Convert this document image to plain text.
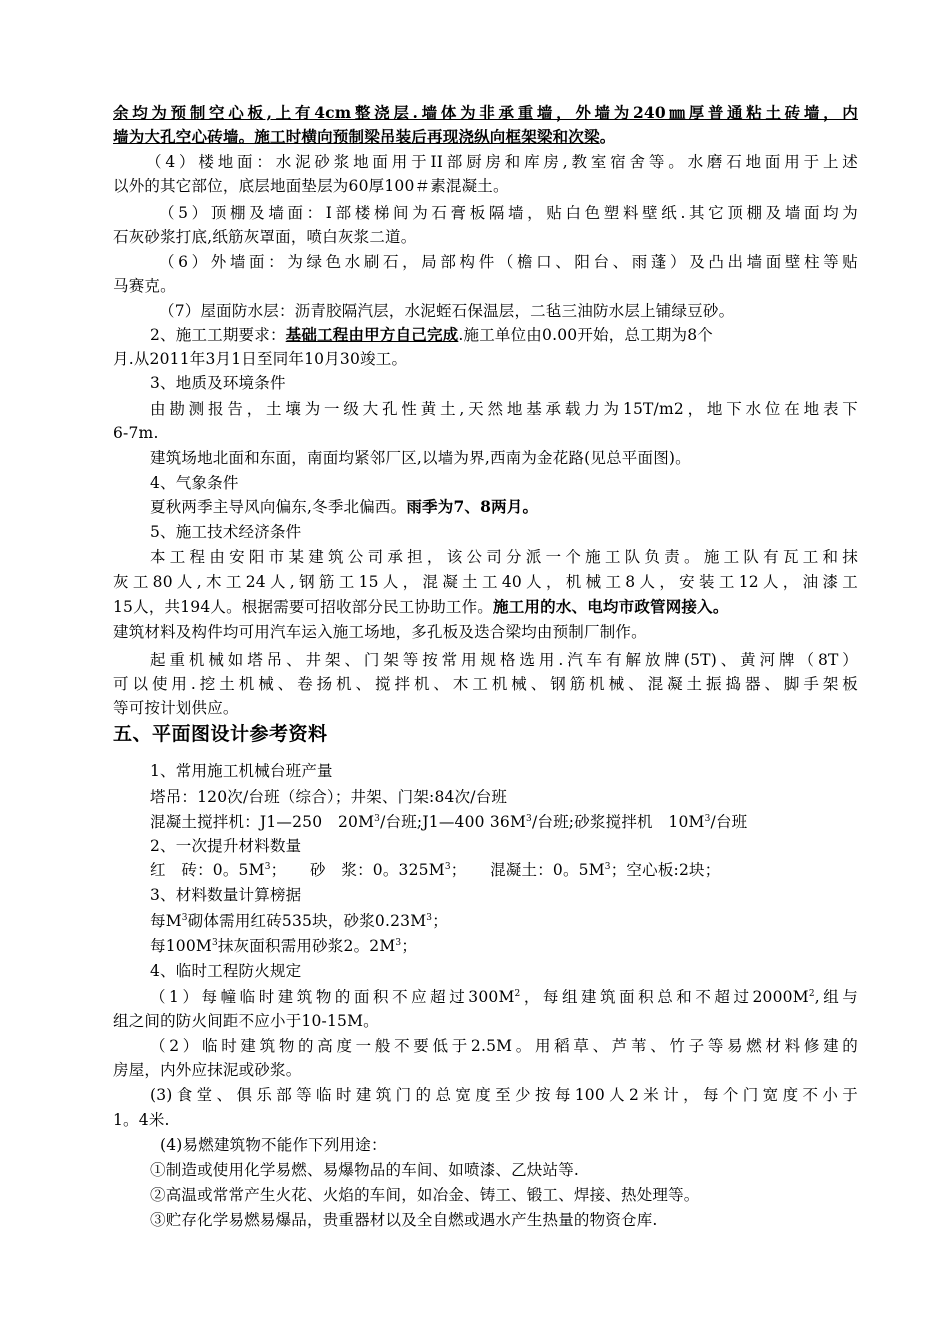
余均为预制空心板,上有4cm整浇层.墙体为非承重墙，外墙为240㎜厚普通粘土砖墙，内
墙为大孔空心砖墙。施工时横向预制梁吊装后再现浇纵向框架梁和次梁。
（4）楼地面：水泥砂浆地面用于II部厨房和库房,教室宿舍等。水磨石地面用于上述
以外的其它部位，底层地面垫层为60厚100＃素混凝土。
（5）顶棚及墙面：I部楼梯间为石膏板隔墙，贴白色塑料壁纸.其它顶棚及墙面均为
石灰砂浆打底,纸筋灰罩面，喷白灰浆二道。
（6）外墙面：为绿色水刷石，局部构件（檐口、阳台、雨蓬）及凸出墙面壁柱等贴
马赛克。
（7）屋面防水层：沥青胶隔汽层，水泥蛭石保温层，二毡三油防水层上铺绿豆砂。
2、施工工期要求：基础工程由甲方自己完成.施工单位由0.00开始，总工期为8个
月.从2011年3月1日至同年10月30竣工。
3、地质及环境条件
由勘测报告，土壤为一级大孔性黄土,天然地基承载力为15T/m2，地下水位在地表下
6-7m.
建筑场地北面和东面，南面均紧邻厂区,以墙为界,西南为金花路(见总平面图)。
4、气象条件
夏秋两季主导风向偏东,冬季北偏西。雨季为7、8两月。
5、施工技术经济条件
本工程由安阳市某建筑公司承担，该公司分派一个施工队负责。施工队有瓦工和抹
灰工80人,木工24人,钢筋工15人，混凝土工40人，机械工8人，安装工12人，油漆工
15人，共194人。根据需要可招收部分民工协助工作。施工用的水、电均市政管网接入。
建筑材料及构件均可用汽车运入施工场地，多孔板及迭合梁均由预制厂制作。
起重机械如塔吊、井架、门架等按常用规格选用.汽车有解放牌(5T)、黄河牌（8T）
可以使用.挖土机械、卷扬机、搅拌机、木工机械、钢筋机械、混凝土振捣器、脚手架板
等可按计划供应。
五、平面图设计参考资料
1、常用施工机械台班产量
塔吊：120次/台班（综合）；井架、门架:84次/台班
混凝土搅拌机：J1—250　$20M^3/$台班;J1—400 $36M^3/$台班;砂浆搅拌机　$10M^3/$台班
2、一次提升材料数量
红　砖：0。$5M^3$；　　砂　浆：0。$325M^3$；　　混凝土：0。$5M^3$；空心板:2块；
3、材料数量计算榜据
每$M^3$砌体需用红砖535块，砂浆$0.23M^3$；
每$100M^3$抹灰面积需用砂浆2。$2M^3$；
4、临时工程防火规定
（1）每幢临时建筑物的面积不应超过$300M^2$，每组建筑面积总和不超过$2000M^2$,组与
组之间的防火间距不应小于10-15M。
（2）临时建筑物的高度一般不要低于2.5M。用稻草、芦苇、竹子等易燃材料修建的
房屋，内外应抹泥或砂浆。
(3)食堂、俱乐部等临时建筑门的总宽度至少按每100人2米计，每个门宽度不小于
1。4米.
(4)易燃建筑物不能作下列用途：
①制造或使用化学易燃、易爆物品的车间、如喷漆、乙炔站等.
②高温或常常产生火花、火焰的车间，如冶金、铸工、锻工、焊接、热处理等。
③贮存化学易燃易爆品，贵重器材以及全自燃或遇水产生热量的物资仓库.
